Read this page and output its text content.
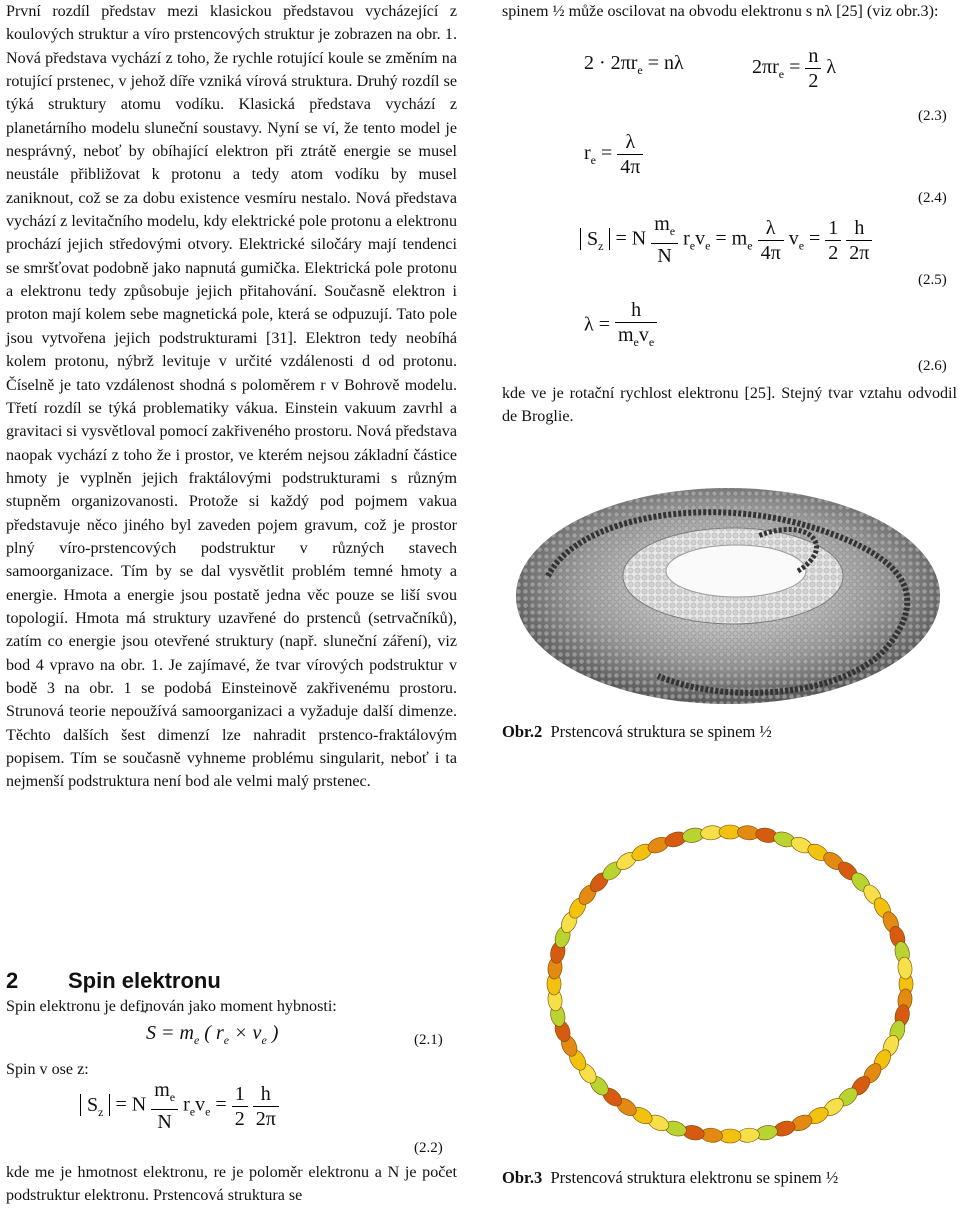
První rozdíl představ mezi klasickou představou vycházející z koulových struktur a víro prstencových struktur je zobrazen na obr. 1. Nová představa vychází z toho, že rychle rotující koule se změním na rotující prstenec, v jehož díře vzniká vírová struktura. Druhý rozdíl se týká struktury atomu vodíku. Klasická představa vychází z planetárního modelu sluneční soustavy. Nyní se ví, že tento model je nesprávný, neboť by obíhající elektron při ztrátě energie se musel neustále přibližovat k protonu a tedy atom vodíku by musel zaniknout, což se za dobu existence vesmíru nestalo. Nová představa vychází z levitačního modelu, kdy elektrické pole protonu a elektronu prochází jejich středovými otvory. Elektrické siločáry mají tendenci se smršťovat podobně jako napnutá gumička. Elektrická pole protonu a elektronu tedy způsobuje jejich přitahování. Současně elektron i proton mají kolem sebe magnetická pole, která se odpuzují. Tato pole jsou vytvořena jejich podstrukturami [31]. Elektron tedy neobíhá kolem protonu, nýbrž levituje v určité vzdálenosti d od protonu. Číselně je tato vzdálenost shodná s poloměrem r v Bohrově modelu. Třetí rozdíl se týká problematiky vákua. Einstein vakuum zavrhl a gravitaci si vysvětloval pomocí zakřiveného prostoru. Nová představa naopak vychází z toho že i prostor, ve kterém nejsou základní částice hmoty je vyplněn jejich fraktálovými podstrukturami s různým stupněm organizovanosti. Protože si každý pod pojmem vakua představuje něco jiného byl zaveden pojem gravum, což je prostor plný víro-prstencových podstruktur v různých stavech samoorganizace. Tím by se dal vysvětlit problém temné hmoty a energie. Hmota a energie jsou postatě jedna věc pouze se liší svou topologií. Hmota má struktury uzavřené do prstenců (setrvačníků), zatím co energie jsou otevřené struktury (např. sluneční záření), viz bod 4 vpravo na obr. 1. Je zajímavé, že tvar vírových podstruktur v bodě 3 na obr. 1 se podobá Einsteinově zakřivenému prostoru. Strunová teorie nepoužívá samoorganizaci a vyžaduje další dimenze. Těchto dalších šest dimenzí lze nahradit prstenco-fraktálovým popisem. Tím se současně vyhneme problému singularit, neboť i ta nejmenší podstruktura není bod ale velmi malý prstenec.

2 Spin elektronu

Spin elektronu je definován jako moment hybnosti:

S
= $m_e$ ( $r_e \times v_e$ )	(2.1)

Spin v ose z:

$S_z = N \frac{m_e}{N} r_ev_e = \frac{1}{2}$
$\frac{h}{2\pi}$
(2.2)

kde me je hmotnost elektronu, re je poloměr elektronu a N je počet podstruktur elektronu. Prstencová struktura se

spinem ½ může oscilovat na obvodu elektronu s nλ [25] (viz obr.3):

$2 \cdot 2\pi r_e = n\lambda$	$2\pi r_e = \frac{n}{2}$ λ
(2.3)
$r_e = \frac{\lambda}{4\pi}$
(2.4)
$S_z = N \frac{m_e}{N} r_ev_e = m_e \frac{\lambda}{4\pi} v_e = \frac{1}{2}$
$\frac{h}{2\pi}$
(2.5)
$\lambda = \frac{h}{m_ev_e}$
(2.6)

kde ve je rotační rychlost elektronu [25]. Stejný tvar vztahu odvodil de Broglie.

Obr.2 Prstencová struktura se spinem ½
Obr.3 Prstencová struktura elektronu se spinem ½
